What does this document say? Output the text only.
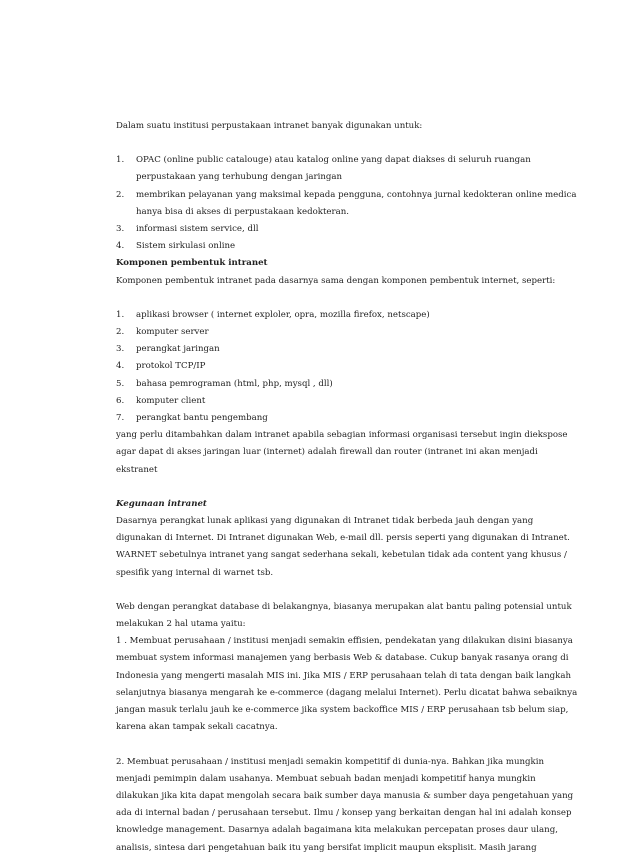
Dalam suatu institusi perpustakaan intranet banyak digunakan untuk:

1.	OPAC (online public catalouge) atau katalog online yang dapat diakses di seluruh ruangan perpustakaan yang terhubung dengan jaringan
2.	membrikan pelayanan yang maksimal kepada pengguna, contohnya jurnal kedokteran online medica hanya bisa di akses di perpustakaan kedokteran.
3.	informasi sistem service, dll
4.	Sistem sirkulasi online

Komponen pembentuk intranet

Komponen pembentuk intranet pada dasarnya sama dengan komponen pembentuk internet, seperti:

1.	aplikasi browser ( internet exploler, opra, mozilla firefox, netscape)
2.	komputer server
3.	perangkat jaringan
4.	protokol TCP/IP
5.	bahasa pemrograman (html, php, mysql , dll)
6.	komputer client
7.	perangkat bantu pengembang

yang perlu ditambahkan dalam intranet apabila sebagian informasi organisasi tersebut ingin diekspose agar dapat di akses jaringan luar (internet) adalah firewall dan router (intranet ini akan menjadi ekstranet

Kegunaan intranet

Dasarnya perangkat lunak aplikasi yang digunakan di Intranet tidak berbeda jauh dengan yang digunakan di Internet. Di Intranet digunakan Web, e-mail dll. persis seperti yang digunakan di Intranet. WARNET sebetulnya intranet yang sangat sederhana sekali, kebetulan tidak ada content yang khusus / spesifik yang internal di warnet tsb.

Web dengan perangkat database di belakangnya, biasanya merupakan alat bantu paling potensial untuk melakukan 2 hal utama yaitu:

1 . Membuat perusahaan / institusi menjadi semakin effisien, pendekatan yang dilakukan disini biasanya membuat system informasi manajemen yang berbasis Web & database. Cukup banyak rasanya orang di Indonesia yang mengerti masalah MIS ini. Jika MIS / ERP perusahaan telah di tata dengan baik langkah selanjutnya biasanya mengarah ke e-commerce (dagang melalui Internet). Perlu dicatat bahwa sebaiknya jangan masuk terlalu jauh ke e-commerce jika system backoffice MIS / ERP perusahaan tsb belum siap, karena akan tampak sekali cacatnya.

2. Membuat perusahaan / institusi menjadi semakin kompetitif di dunia-nya. Bahkan jika mungkin menjadi pemimpin dalam usahanya. Membuat sebuah badan menjadi kompetitif hanya mungkin dilakukan jika kita dapat mengolah secara baik sumber daya manusia & sumber daya pengetahuan yang ada di internal badan / perusahaan tersebut. Ilmu / konsep yang berkaitan dengan hal ini adalah konsep knowledge management. Dasarnya adalah bagaimana kita melakukan percepatan proses daur ulang, analisis, sintesa dari pengetahuan baik itu yang bersifat implicit maupun eksplisit. Masih jarang
